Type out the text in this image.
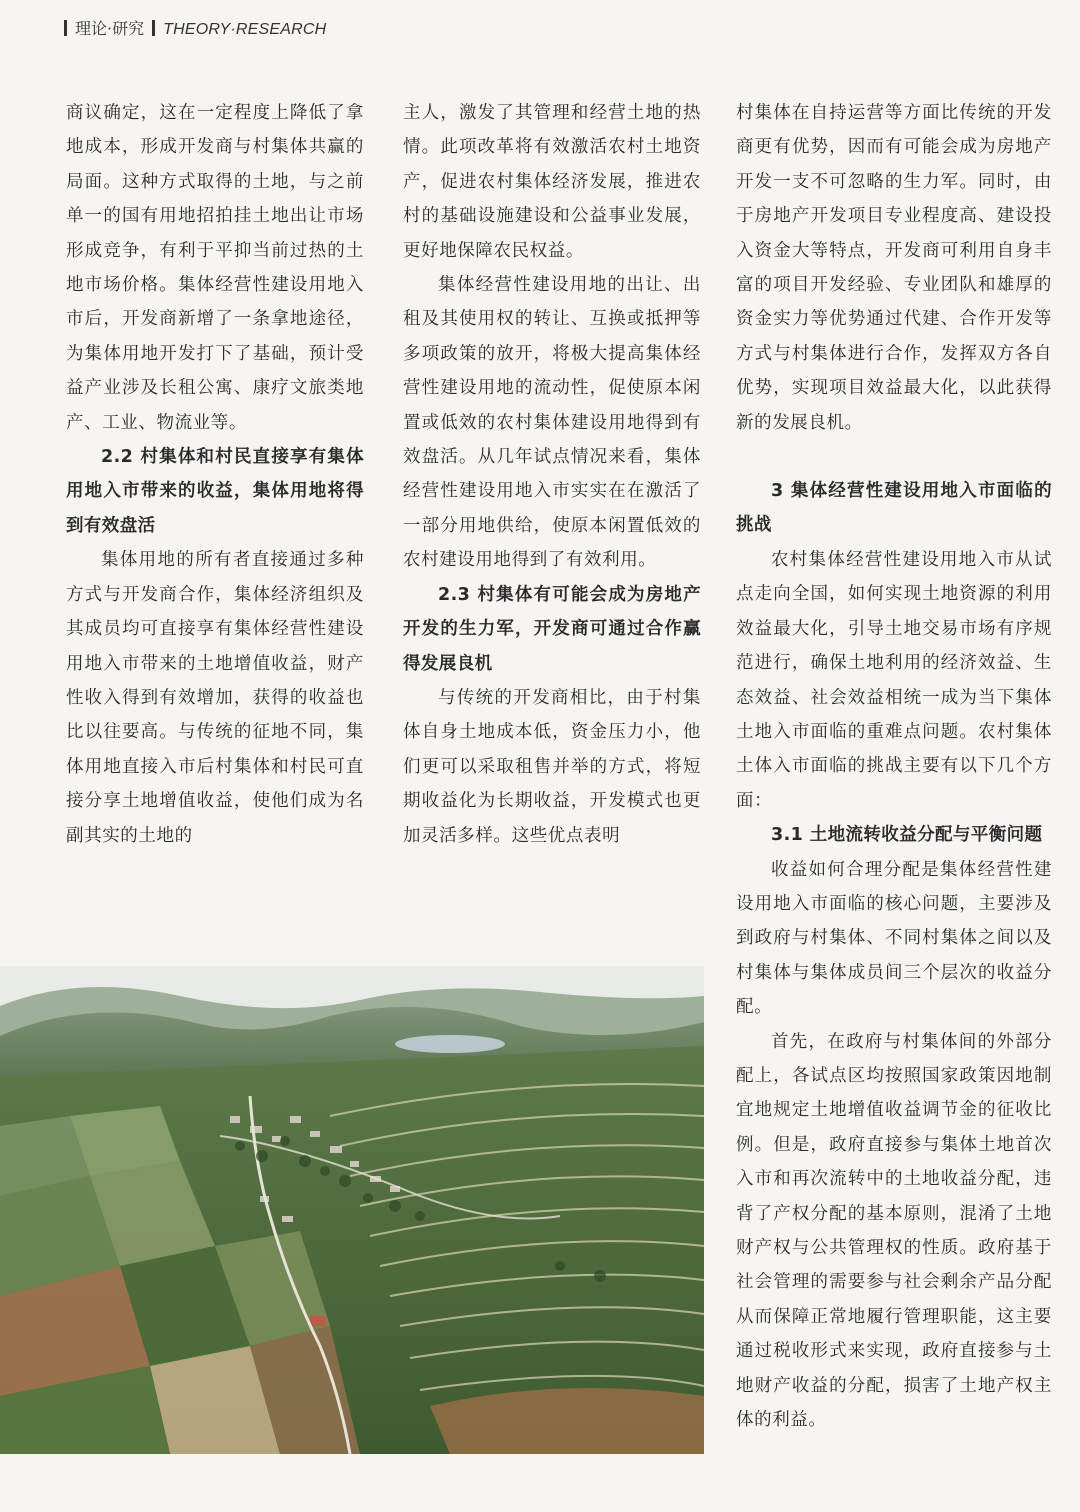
理论·研究 THEORY·RESEARCH

商议确定，这在一定程度上降低了拿地成本，形成开发商与村集体共赢的局面。这种方式取得的土地，与之前单一的国有用地招拍挂土地出让市场形成竞争，有利于平抑当前过热的土地市场价格。集体经营性建设用地入市后，开发商新增了一条拿地途径，为集体用地开发打下了基础，预计受益产业涉及长租公寓、康疗文旅类地产、工业、物流业等。

2.2 村集体和村民直接享有集体用地入市带来的收益，集体用地将得到有效盘活

集体用地的所有者直接通过多种方式与开发商合作，集体经济组织及其成员均可直接享有集体经营性建设用地入市带来的土地增值收益，财产性收入得到有效增加，获得的收益也比以往要高。与传统的征地不同，集体用地直接入市后村集体和村民可直接分享土地增值收益，使他们成为名副其实的土地的

主人，激发了其管理和经营土地的热情。此项改革将有效激活农村土地资产，促进农村集体经济发展，推进农村的基础设施建设和公益事业发展，更好地保障农民权益。

集体经营性建设用地的出让、出租及其使用权的转让、互换或抵押等多项政策的放开，将极大提高集体经营性建设用地的流动性，促使原本闲置或低效的农村集体建设用地得到有效盘活。从几年试点情况来看，集体经营性建设用地入市实实在在激活了一部分用地供给，使原本闲置低效的农村建设用地得到了有效利用。

2.3 村集体有可能会成为房地产开发的生力军，开发商可通过合作赢得发展良机

与传统的开发商相比，由于村集体自身土地成本低，资金压力小，他们更可以采取租售并举的方式，将短期收益化为长期收益，开发模式也更加灵活多样。这些优点表明

村集体在自持运营等方面比传统的开发商更有优势，因而有可能会成为房地产开发一支不可忽略的生力军。同时，由于房地产开发项目专业程度高、建设投入资金大等特点，开发商可利用自身丰富的项目开发经验、专业团队和雄厚的资金实力等优势通过代建、合作开发等方式与村集体进行合作，发挥双方各自优势，实现项目效益最大化，以此获得新的发展良机。

3 集体经营性建设用地入市面临的挑战

农村集体经营性建设用地入市从试点走向全国，如何实现土地资源的利用效益最大化，引导土地交易市场有序规范进行，确保土地利用的经济效益、生态效益、社会效益相统一成为当下集体土地入市面临的重难点问题。农村集体土体入市面临的挑战主要有以下几个方面：

3.1 土地流转收益分配与平衡问题

收益如何合理分配是集体经营性建设用地入市面临的核心问题，主要涉及到政府与村集体、不同村集体之间以及村集体与集体成员间三个层次的收益分配。

首先，在政府与村集体间的外部分配上，各试点区均按照国家政策因地制宜地规定土地增值收益调节金的征收比例。但是，政府直接参与集体土地首次入市和再次流转中的土地收益分配，违背了产权分配的基本原则，混淆了土地财产权与公共管理权的性质。政府基于社会管理的需要参与社会剩余产品分配从而保障正常地履行管理职能，这主要通过税收形式来实现，政府直接参与土地财产收益的分配，损害了土地产权主体的利益。
